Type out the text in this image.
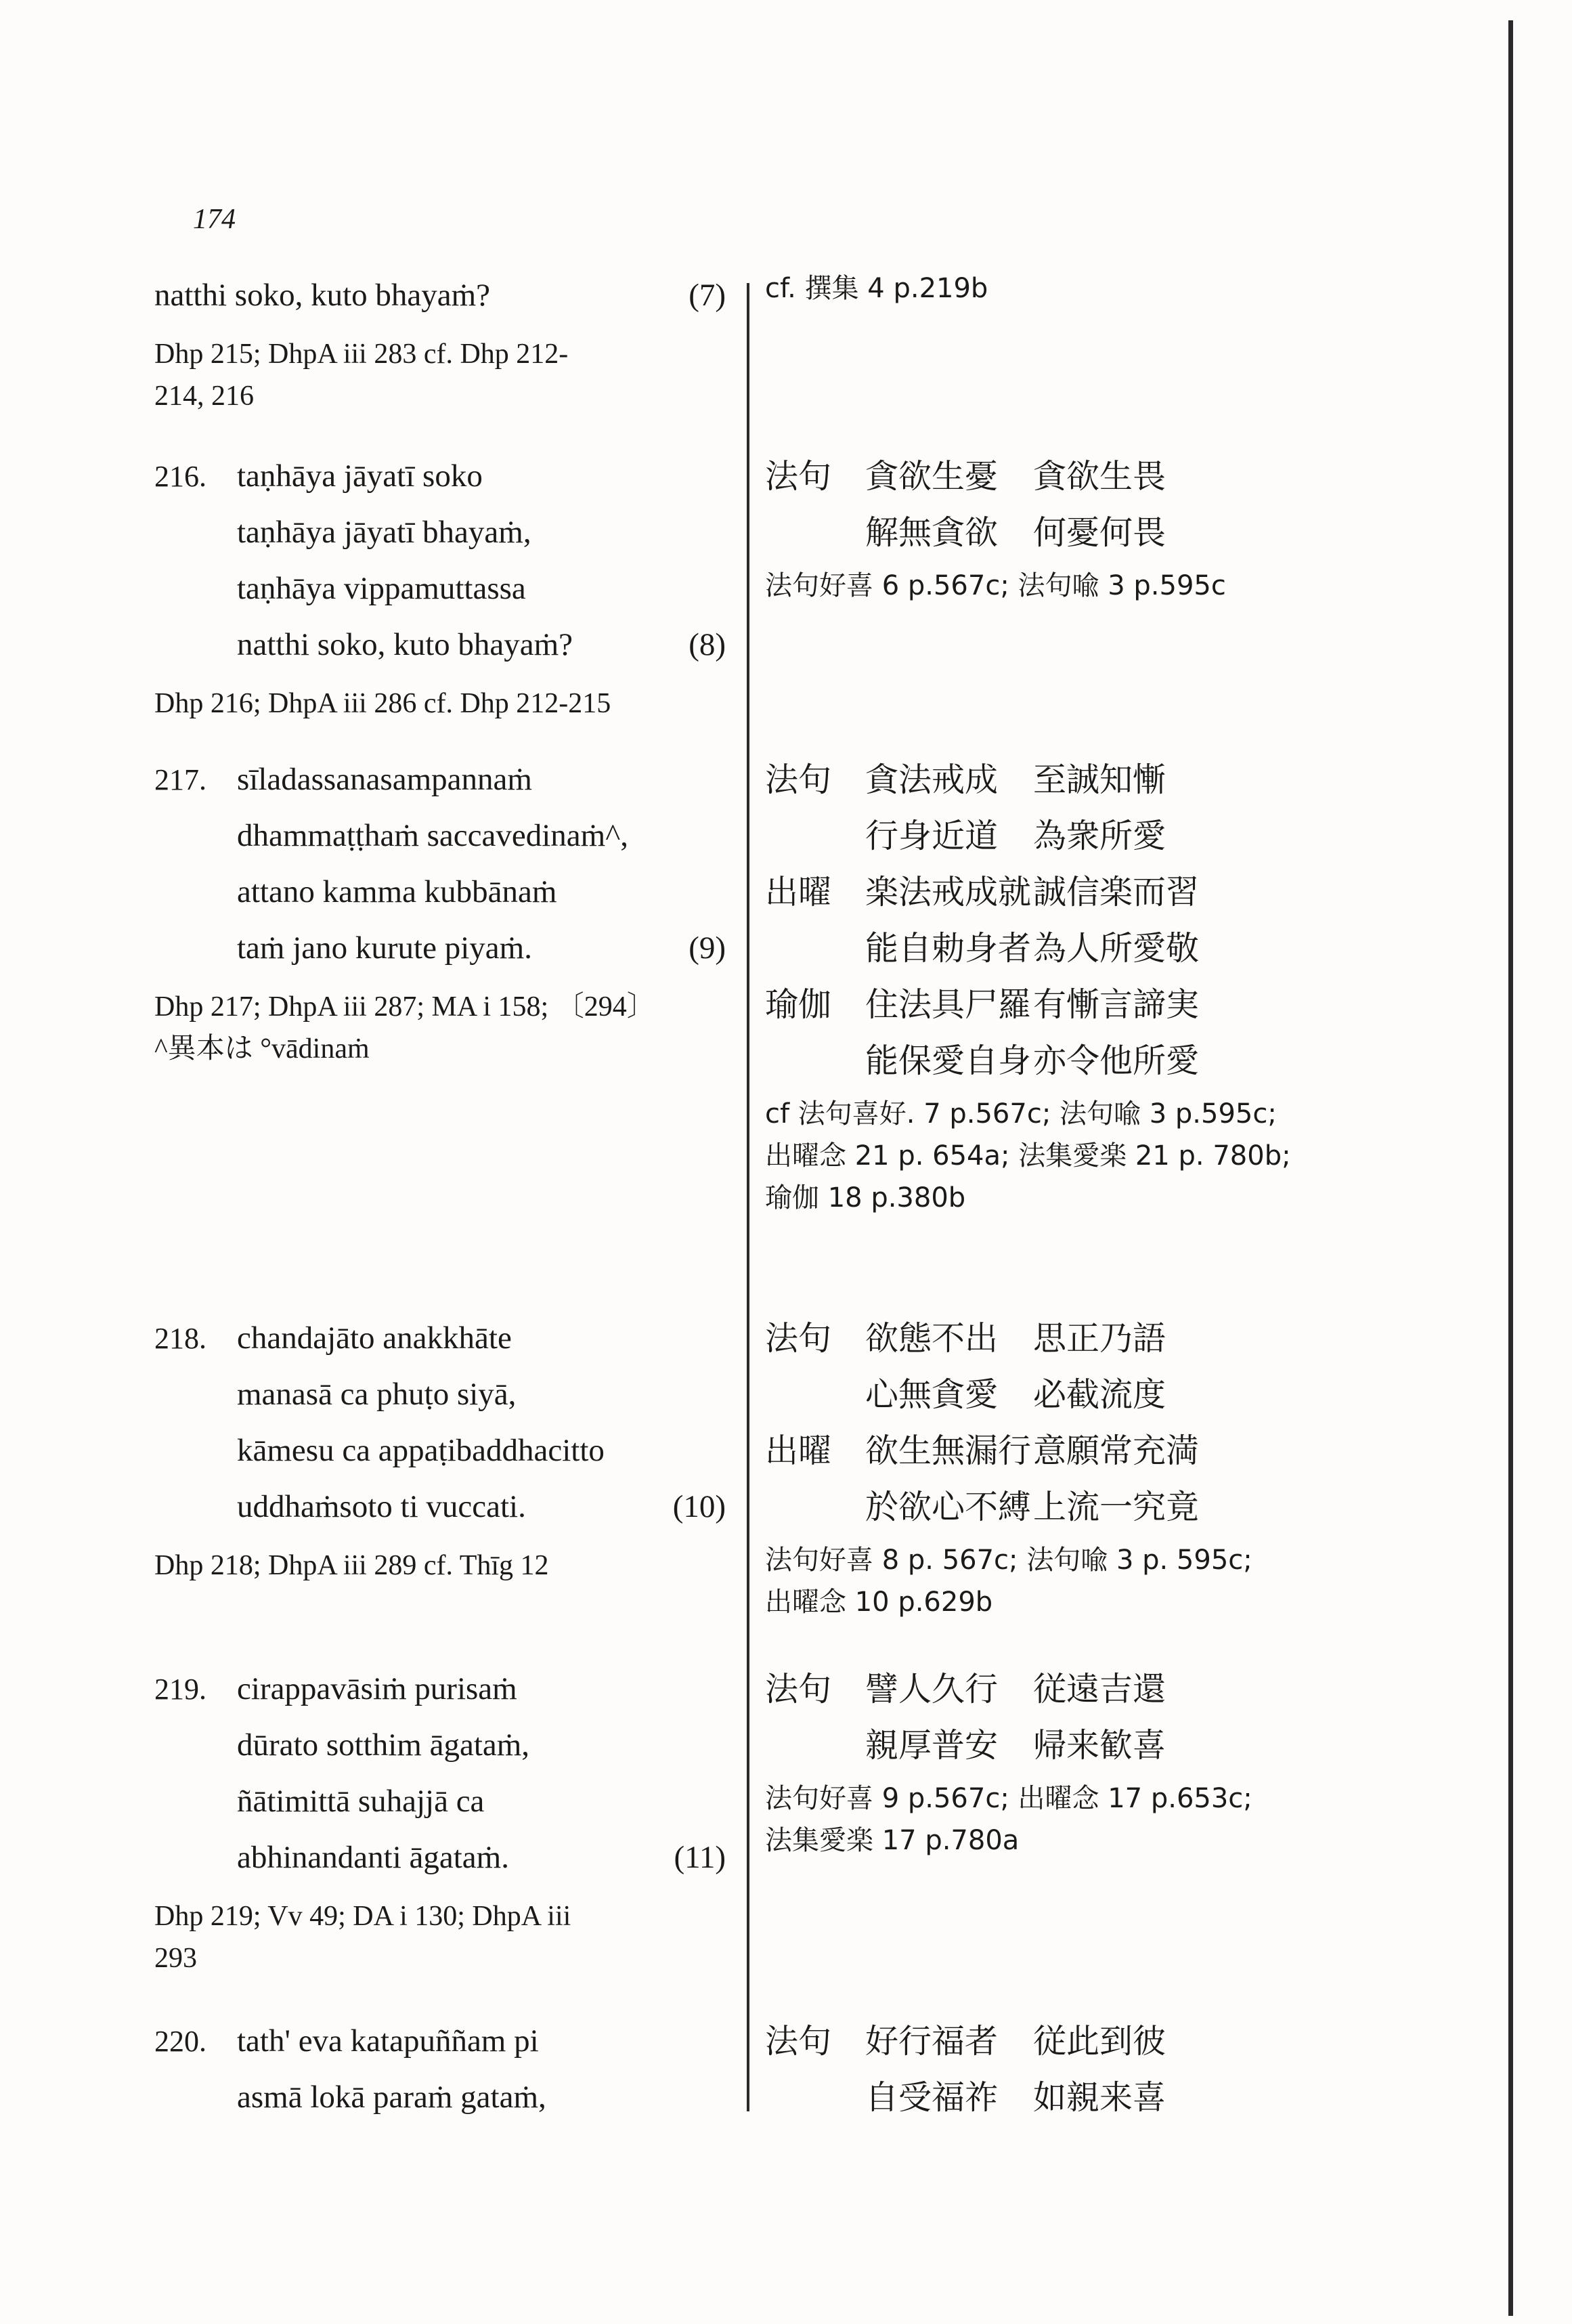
174
natthi soko, kuto bhayaṁ?	(7)
Dhp 215; DhpA iii 283 cf. Dhp 212-
214, 216
cf. 撰集 4 p.219b
216. taṇhāya jāyatī soko
taṇhāya jāyatī bhayaṁ,
taṇhāya vippamuttassa
natthi soko, kuto bhayaṁ?	(8)
Dhp 216; DhpA iii 286 cf. Dhp 212-215
法句 貪欲生憂 貪欲生畏
解無貪欲 何憂何畏
法句好喜 6 p.567c; 法句喩 3 p.595c
217. sīladassanasampannaṁ
dhammaṭṭhaṁ saccavedinaṁ^,
attano kamma kubbānaṁ
taṁ jano kurute piyaṁ.	(9)
Dhp 217; DhpA iii 287; MA i 158; 〔294〕
^異本は °vādinaṁ
法句 貪法戒成 至誠知慚
行身近道 為衆所愛
出曜 楽法戒成就誠信楽而習
能自勅身者為人所愛敬
瑜伽 住法具尸羅有慚言諦実
能保愛自身亦令他所愛
cf 法句喜好. 7 p.567c; 法句喩 3 p.595c;
出曜念 21 p. 654a; 法集愛楽 21 p. 780b;
瑜伽 18 p.380b
218. chandajāto anakkhāte
manasā ca phuṭo siyā,
kāmesu ca appaṭibaddhacitto
uddhaṁsoto ti vuccati.	(10)
Dhp 218; DhpA iii 289 cf. Thīg 12
法句 欲態不出 思正乃語
心無貪愛 必截流度
出曜 欲生無漏行意願常充満
於欲心不縛上流一究竟
法句好喜 8 p. 567c; 法句喩 3 p. 595c;
出曜念 10 p.629b
219. cirappavāsiṁ purisaṁ
dūrato sotthim āgataṁ,
ñātimittā suhajjā ca
abhinandanti āgataṁ.	(11)
Dhp 219; Vv 49; DA i 130; DhpA iii
293
法句 譬人久行 従遠吉還
親厚普安 帰来歓喜
法句好喜 9 p.567c; 出曜念 17 p.653c;
法集愛楽 17 p.780a
220. tath' eva katapuññam pi
asmā lokā paraṁ gataṁ,
法句 好行福者 従此到彼
自受福祚 如親来喜
